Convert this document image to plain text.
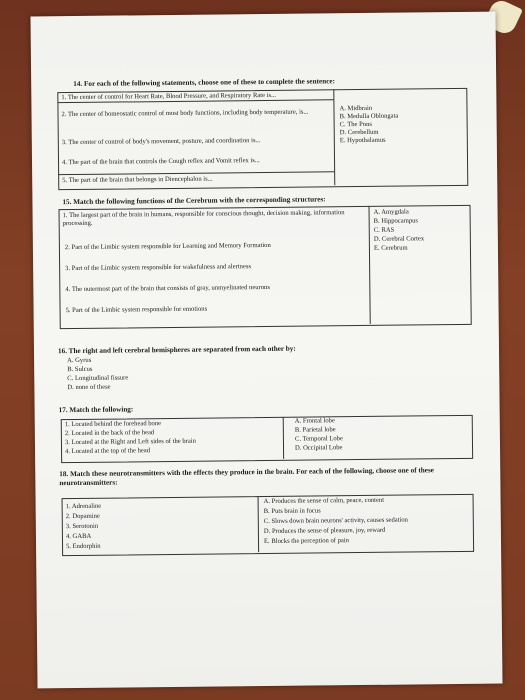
14. For each of the following statements, choose one of these to complete the sentence:
1. The center of control for Heart Rate, Blood Pressure, and Respiratory Rate is...
2. The center of homeostatic control of most body functions, including body temperature, is...
3. The center of control of body's movement, posture, and coordination is...
4. The part of the brain that controls the Cough reflex and Vomit reflex is...
5. The part of the brain that belongs in Diencephalon is...
A. Midbrain
B. Medulla Oblongata
C. The Pons
D. Cerebellum
E. Hypothalamus
15. Match the following functions of the Cerebrum with the corresponding structures:
1. The largest part of the brain in humans, responsible for conscious thought, decision making, information processing.
2. Part of the Limbic system responsible for Learning and Memory Formation
3. Part of the Limbic system responsible for wakefulness and alertness
4. The outermost part of the brain that consists of gray, unmyelinated neurons
5. Part of the Limbic system responsible for emotions
A. Amygdala
B. Hippocampus
C. RAS
D. Cerebral Cortex
E. Cerebrum
16. The right and left cerebral hemispheres are separated from each other by:
A. Gyrus
B. Sulcus
C. Longitudinal fissure
D. none of these
17. Match the following:
1. Located behind the forehead bone
2. Located in the back of the head
3. Located at the Right and Left sides of the brain
4. Located at the top of the head
A. Frontal lobe
B. Parietal lobe
C. Temporal Lobe
D. Occipital Lobe
18. Match these neurotransmitters with the effects they produce in the brain. For each of the following, choose one of these neurotransmitters:
1. Adrenaline
2. Dopamine
3. Serotonin
4. GABA
5. Endorphin
A. Produces the sense of calm, peace, content
B. Puts brain in focus
C. Slows down brain neurons' activity, causes sedation
D. Produces the sense of pleasure, joy, reward
E. Blocks the perception of pain
